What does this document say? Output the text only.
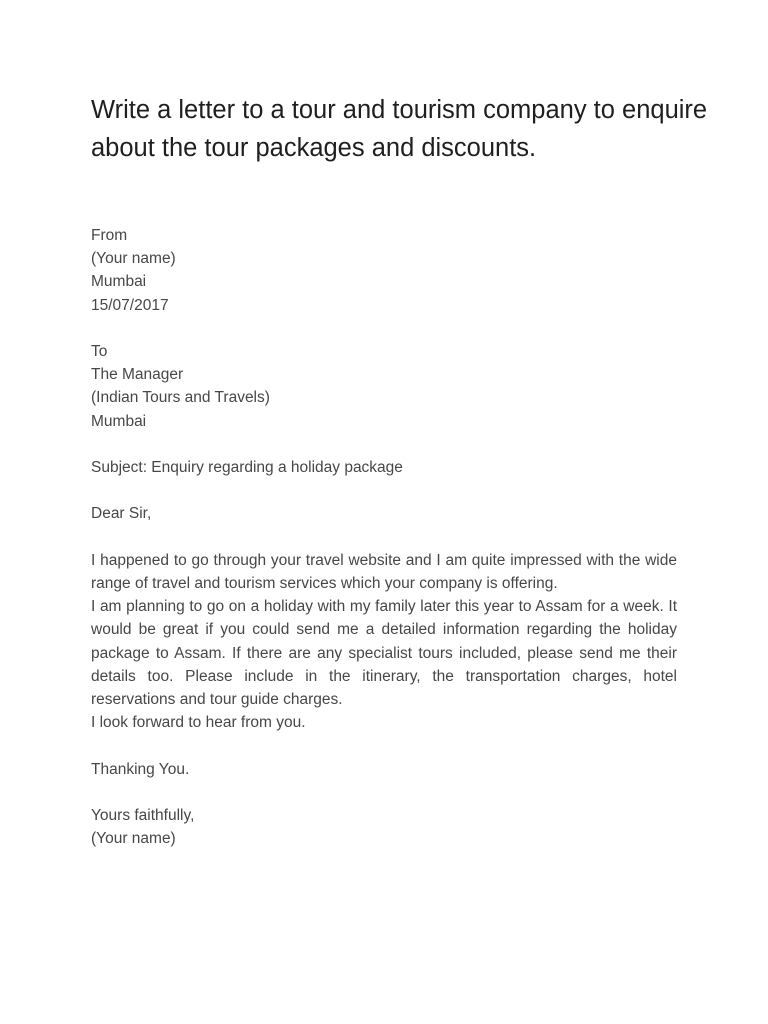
Write a letter to a tour and tourism company to enquire about the tour packages and discounts.
From
(Your name)
Mumbai
15/07/2017
To
The Manager
(Indian Tours and Travels)
Mumbai
Subject: Enquiry regarding a holiday package
Dear Sir,

I happened to go through your travel website and I am quite impressed with the wide range of travel and tourism services which your company is offering.

I am planning to go on a holiday with my family later this year to Assam for a week. It would be great if you could send me a detailed information regarding the holiday package to Assam. If there are any specialist tours included, please send me their details too. Please include in the itinerary, the transportation charges, hotel reservations and tour guide charges.

I look forward to hear from you.

Thanking You.
Yours faithfully,
(Your name)
